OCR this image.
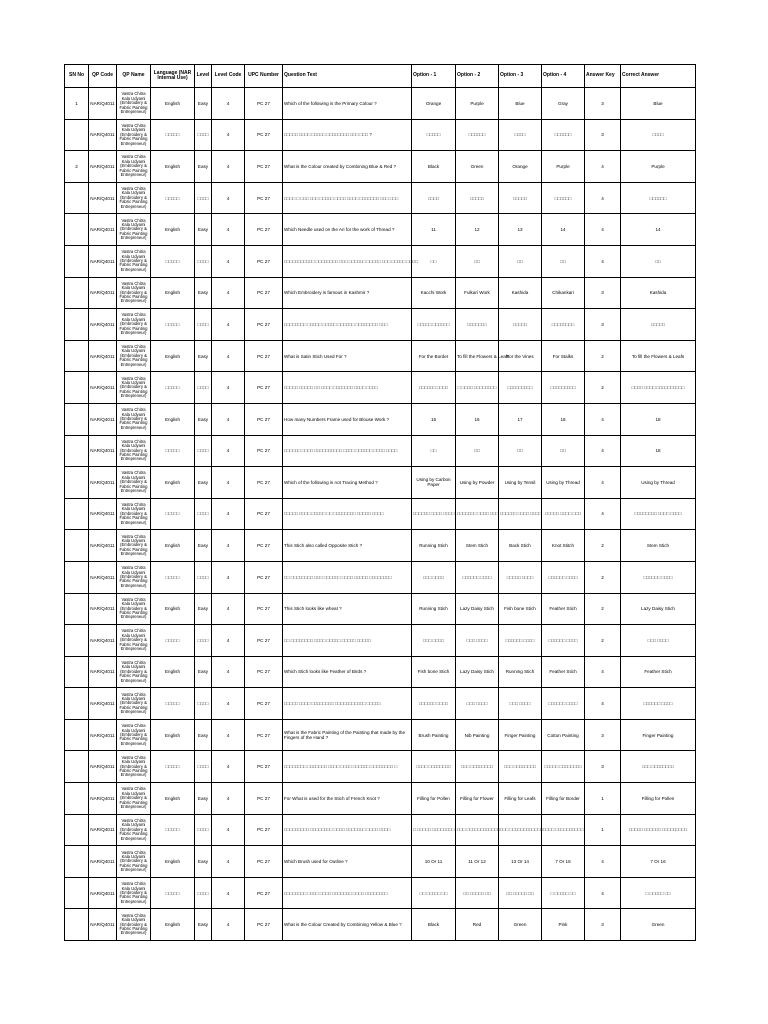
SN No	QP Code	QP Name	Language (NAR Internal Use)	Level	Level Code	UPC Number	Question Text	Option - 1	Option - 2	Option - 3	Option - 4	Answer Key	Correct Answer
1	NAR/Q4011	Vastra Chitra Kala Udyami (Embroidery & Fabric Painting Entrepreneur)	English	Easy	4	PC 27	Which of the following is the Primary Colour ?	Orange	Purple	Blue	Gray	3	Blue
	NAR/Q4011	Vastra Chitra Kala Udyami (Embroidery & Fabric Painting Entrepreneur)	□□□□□	□□□□	4	PC 27	□□□□□ □□□□ □□□□□ □□□□□□□□ □□□ □□□ ?	□□□□□	□□□□□□	□□□□	□□□□□□	3	□□□□
2	NAR/Q4011	Vastra Chitra Kala Udyami (Embroidery & Fabric Painting Entrepreneur)	English	Easy	4	PC 27	What is the Colour created by Combining Blue & Red ?	Black	Green	Orange	Purple	4	Purple
	NAR/Q4011	Vastra Chitra Kala Udyami (Embroidery & Fabric Painting Entrepreneur)	□□□□□	□□□□	4	PC 27	□□□□ □ □□□ □□□ □□□□□ □□□□ □□□□ □□□□□□□ □□□ □□□	□□□□	□□□□□	□□□□□	□□□□□□	4	□□□□□□
	NAR/Q4011	Vastra Chitra Kala Udyami (Embroidery & Fabric Painting Entrepreneur)	English	Easy	4	PC 27	Which Needle used on the Ari for the work of Thread ?	11	12	13	14	4	14
	NAR/Q4011	Vastra Chitra Kala Udyami (Embroidery & Fabric Painting Entrepreneur)	□□□□□	□□□□	4	PC 27	□□□□□□□□□□□ □□□□□□□□ □□□ □□□□□□ □□□□□ □□□ □□□□□ □□□□	□□	□□	□□	□□	4	□□
	NAR/Q4011	Vastra Chitra Kala Udyami (Embroidery & Fabric Painting Entrepreneur)	English	Easy	4	PC 27	Which Embroidery is famous in Kashmir ?	Kacchi Work	Fulkari Work	Kashida	Chikankari	3	Kashida
	NAR/Q4011	Vastra Chitra Kala Udyami (Embroidery & Fabric Painting Entrepreneur)	□□□□□	□□□□	4	PC 27	□□□□□□□□ □□□□□ □□□□□ □□□□□□ □□□□□□□□ □□□	□□□□□ □□□□□□	□□□□□□□	□□□□□	□□□□□□□□	3	□□□□□
	NAR/Q4011	Vastra Chitra Kala Udyami (Embroidery & Fabric Painting Entrepreneur)	English	Easy	4	PC 27	What is Satin Stich Used For ?	For the Border	To fill the Flowers & Leafs	For the Vines	For Stalks	2	To fill the Flowers & Leafs
	NAR/Q4011	Vastra Chitra Kala Udyami (Embroidery & Fabric Painting Entrepreneur)	□□□□□	□□□□	4	PC 27	□□□□□ □□□□□ □□ □□□□ □□□□□□□ □□□□ □□□□	□□□□□□ □□□□	□ □□□□ □□□□□□□□	□□□□□□□□□	□□□□□□□□□	2	□□□□ □□□□ □□□□□□□□□□
	NAR/Q4011	Vastra Chitra Kala Udyami (Embroidery & Fabric Painting Entrepreneur)	English	Easy	4	PC 27	How many Numbers Frame used for Blouse Work ?	15	16	17	18	4	18
	NAR/Q4011	Vastra Chitra Kala Udyami (Embroidery & Fabric Painting Entrepreneur)	□□□□□	□□□□	4	PC 27	□□□□□□ □□□□ □□□□□□□□□□ □□□□ □□□□□□ □□□□ □□□□	□□	□□	□□	□□	4	18
	NAR/Q4011	Vastra Chitra Kala Udyami (Embroidery & Fabric Painting Entrepreneur)	English	Easy	4	PC 27	Which of the following is not Tracing Method ?	Using by Carbon Paper	Using by Powder	Using by Tensil	Using by Thread	4	Using by Thread
	NAR/Q4011	Vastra Chitra Kala Udyami (Embroidery & Fabric Painting Entrepreneur)	□□□□□	□□□□	4	PC 27	□□□□□ □□□□ □□□□□ □□ □□□□□□□□ □□□□□ □□□□	□□□□□□ □□□□ □□□□	□□□□□□□ □□□□ □□□	□□□□□□ □□□□ □□□□	□□□□□ □□□□ □□□	4	□□□□□□□□ □□□□ □□□□
	NAR/Q4011	Vastra Chitra Kala Udyami (Embroidery & Fabric Painting Entrepreneur)	English	Easy	4	PC 27	This Stich also called Opposite Stich ?	Running Stich	Stem Stich	Back Stich	Knot Stitch	2	Stem Stich
	NAR/Q4011	Vastra Chitra Kala Udyami (Embroidery & Fabric Painting Entrepreneur)	□□□□□	□□□□	4	PC 27	□□ □□□□□□□□ □□□ □□□□□□ □□□□ □□□□□ □□□□□□□□	□□□ □□□□	□□□□□□ □□□□	□□□□□ □□□□	□□□□□□ □□□□	2	□□□□□□ □□□□
	NAR/Q4011	Vastra Chitra Kala Udyami (Embroidery & Fabric Painting Entrepreneur)	English	Easy	4	PC 27	This Stich looks like wheat ?	Running Stich	Lazy Daisy Stich	Fish bone Stich	Feather Stich	2	Lazy Daisy Stich
	NAR/Q4011	Vastra Chitra Kala Udyami (Embroidery & Fabric Painting Entrepreneur)	□□□□□	□□□□	4	PC 27	□□ □□□□□□□□ □□□□ □□□□□ □□□□□ □□□□□	□□□ □□□□	□□□ □□□□	□□□□□□ □□□□	□□□□□□ □□□□	2	□□□ □□□□
	NAR/Q4011	Vastra Chitra Kala Udyami (Embroidery & Fabric Painting Entrepreneur)	English	Easy	4	PC 27	Which Stich looks like Feather of Birds ?	Fish bone Stich	Lazy Daisy Stich	Running Stich	Feather Stich	4	Feather Stich
	NAR/Q4011	Vastra Chitra Kala Udyami (Embroidery & Fabric Painting Entrepreneur)	□□□□□	□□□□	4	PC 27	□□□□□ □□□□ □□□□□□□□ □□□□□□□□□□□ □□□□□	□□□□□□ □□□□	□□□ □□□□	□□□ □□□□	□□□□□□ □□□□	4	□□□□□□ □□□□
	NAR/Q4011	Vastra Chitra Kala Udyami (Embroidery & Fabric Painting Entrepreneur)	English	Easy	4	PC 27	What is the Fabric Painting of the Painting that made by the Fingers of the Hand ?	Brush Painting	Nib Painting	Finger Painting	Cotton Painting	3	Finger Painting
	NAR/Q4011	Vastra Chitra Kala Udyami (Embroidery & Fabric Painting Entrepreneur)	□□□□□	□□□□	4	PC 27	□□□□□□□□ □□□□□□□ □□□□ □□□□ □□□□□□ □□□□□□□□ □	□□□□ □□□□□□□□	□□□ □□□□□□□□	□□□ □□□□□□□□	□□□□□ □□□□□□□□	3	□□□ □□□□□□□□
	NAR/Q4011	Vastra Chitra Kala Udyami (Embroidery & Fabric Painting Entrepreneur)	English	Easy	4	PC 27	For What is used for the Stich of French Knot ?	Filling for Pollen	Filling for Flower	Filling for Leafs	Filling for Border	1	Filling for Pollen
	NAR/Q4011	Vastra Chitra Kala Udyami (Embroidery & Fabric Painting Entrepreneur)	□□□□□	□□□□	4	PC 27	□□□□□□□□□ □□□□□□□□ □□□□ □□□□□□□ □□□□ □□□□	□ □□□□□ □□□□□□□□	□□□ □□□□□□□□□□□□	□□□ □□□□□□□□□□□□	□□□□ □□□□□□□□□□	1	□□□□□ □□□□□□ □□□□□□□□□
	NAR/Q4011	Vastra Chitra Kala Udyami (Embroidery & Fabric Painting Entrepreneur)	English	Easy	4	PC 27	Which Brush used for Outline ?	10 Or 11	11 Or 12	13 Or 14	7 Or 16	4	7 Or 16
	NAR/Q4011	Vastra Chitra Kala Udyami (Embroidery & Fabric Painting Entrepreneur)	□□□□□	□□□□	4	PC 27	□□□□□□□□ □□□□ □□□□ □□□□□□□ □□□□ □□□□□□□□	□□ □□□□□ □□	□□ □□□□□ □□	□□ □□□□□ □□	□ □□□□□ □□	4	□ □□□□□ □□
	NAR/Q4011	Vastra Chitra Kala Udyami (Embroidery & Fabric Painting Entrepreneur)	English	Easy	4	PC 27	What is the Colour Created by Combining Yellow & Blue ?	Black	Red	Green	Pink	3	Green
